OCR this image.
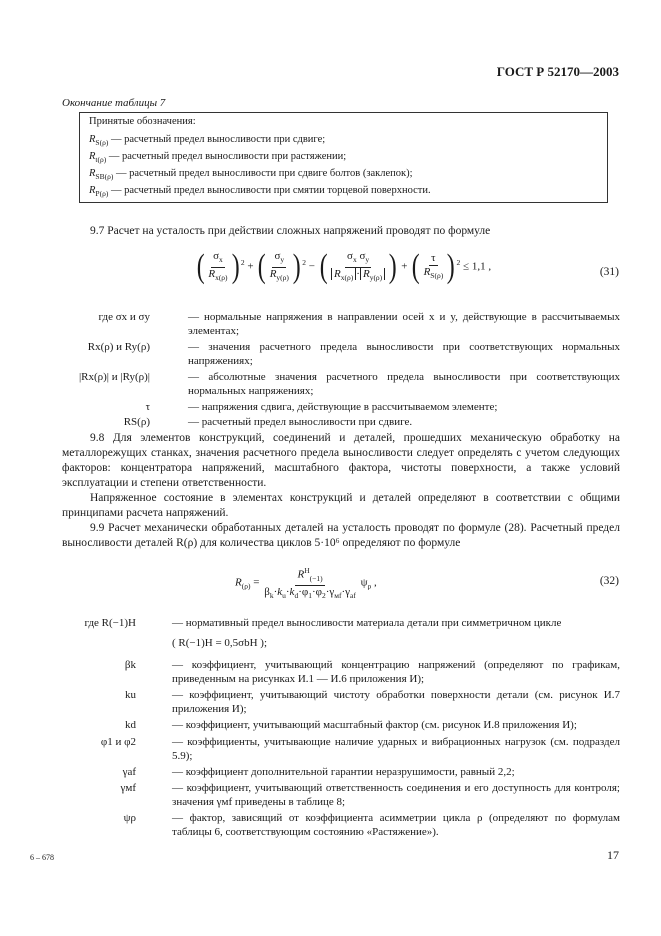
ГОСТ Р 52170—2003
Окончание таблицы 7
Принятые обозначения:
$R_{S(\rho)}$ — расчетный предел выносливости при сдвиге;
$R_{t(\rho)}$ — расчетный предел выносливости при растяжении;
$R_{SB(\rho)}$ — расчетный предел выносливости при сдвиге болтов (заклепок);
$R_{P(\rho)}$ — расчетный предел выносливости при смятии торцевой поверхности.
9.7 Расчет на усталость при действии сложных напряжений проводят по формуле
( $\frac{\sigma_x}{R_{x(\rho)}}$ ) $^2$ + ( $\frac{\sigma_y}{R_{y(\rho)}}$ ) $^2$ − ( $\frac{\sigma_x \sigma_y}{R_{x(\rho)} \cdot R_{y(\rho)}}$ ) + ( $\frac{\tau}{R_{S(\rho)}}$ ) $^2$ ≤ 1,1 ,	(31)
где σx и σy	— нормальные напряжения в направлении осей x и y, действующие в рассчитываемых элементах;
Rx(ρ) и Ry(ρ)	— значения расчетного предела выносливости при соответствующих нормальных напряжениях;
|Rx(ρ)| и |Ry(ρ)|	— абсолютные значения расчетного предела выносливости при соответствующих нормальных напряжениях;
τ	— напряжения сдвига, действующие в рассчитываемом элементе;
RS(ρ)	— расчетный предел выносливости при сдвиге.
9.8 Для элементов конструкций, соединений и деталей, прошедших механическую обработку на металлорежущих станках, значения расчетного предела выносливости следует определять с учетом следующих факторов: концентратора напряжений, масштабного фактора, чистоты поверхности, а также условий эксплуатации и степени ответственности.
Напряженное состояние в элементах конструкций и деталей определяют в соответствии с общими принципами расчета напряжений.
9.9 Расчет механически обработанных деталей на усталость проводят по формуле (28). Расчетный предел выносливости деталей R(ρ) для количества циклов 5·10⁶ определяют по формуле
$R_{(\rho)} = \frac{R^H_{(-1)}}{\beta_k\cdot k_u\cdot k_d\cdot\varphi_1\cdot\varphi_2\cdot\gamma_{мf}\cdot\gamma_{af}} \psi_\rho$ ,	(32)
где R(−1)H	— нормативный предел выносливости материала детали при симметричном цикле
( R(−1)H = 0,5σbH );
βk	— коэффициент, учитывающий концентрацию напряжений (определяют по графикам, приведенным на рисунках И.1 — И.6 приложения И);
ku	— коэффициент, учитывающий чистоту обработки поверхности детали (см. рисунок И.7 приложения И);
kd	— коэффициент, учитывающий масштабный фактор (см. рисунок И.8 приложения И);
φ1 и φ2	— коэффициенты, учитывающие наличие ударных и вибрационных нагрузок (см. подраздел 5.9);
γaf	— коэффициент дополнительной гарантии неразрушимости, равный 2,2;
γмf	— коэффициент, учитывающий ответственность соединения и его доступность для контроля; значения γмf приведены в таблице 8;
ψρ	— фактор, зависящий от коэффициента асимметрии цикла ρ (определяют по формулам таблицы 6, соответствующим состоянию «Растяжение»).
6 – 678	17
